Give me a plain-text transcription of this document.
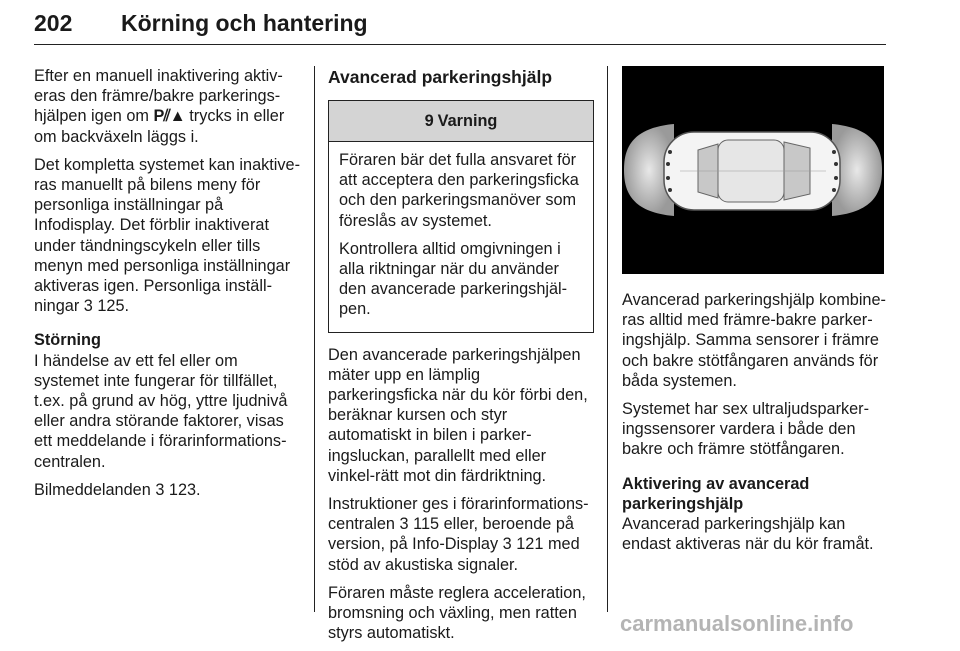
202 Körning och hantering

Efter en manuell inaktivering aktiv-eras den främre/bakre parkerings-hjälpen igen om P⫽▲ trycks in eller om backväxeln läggs i.

Det kompletta systemet kan inaktive-ras manuellt på bilens meny för personliga inställningar på Infodisplay. Det förblir inaktiverat under tändningscykeln eller tills menyn med personliga inställningar aktiveras igen. Personliga inställ-ningar 3 125.

Störning
I händelse av ett fel eller om systemet inte fungerar för tillfället, t.ex. på grund av hög, yttre ljudnivå eller andra störande faktorer, visas ett meddelande i förarinformations-centralen.

Bilmeddelanden 3 123.

Avancerad parkeringshjälp
9 Varning

Föraren bär det fulla ansvaret för att acceptera den parkeringsficka och den parkeringsmanöver som föreslås av systemet.

Kontrollera alltid omgivningen i alla riktningar när du använder den avancerade parkeringshjäl-pen.

Den avancerade parkeringshjälpen mäter upp en lämplig parkeringsficka när du kör förbi den, beräknar kursen och styr automatiskt in bilen i parker-ingsluckan, parallellt med eller vinkel-rätt mot din färdriktning.

Instruktioner ges i förarinformations-centralen 3 115 eller, beroende på version, på Info-Display 3 121 med stöd av akustiska signaler.

Föraren måste reglera acceleration, bromsning och växling, men ratten styrs automatiskt.

Avancerad parkeringshjälp kombine-ras alltid med främre-bakre parker-ingshjälp. Samma sensorer i främre och bakre stötfångaren används för båda systemen.

Systemet har sex ultraljudsparker-ingssensorer vardera i både den bakre och främre stötfångaren.

Aktivering av avancerad parkeringshjälp
Avancerad parkeringshjälp kan endast aktiveras när du kör framåt.

carmanualsonline.info
